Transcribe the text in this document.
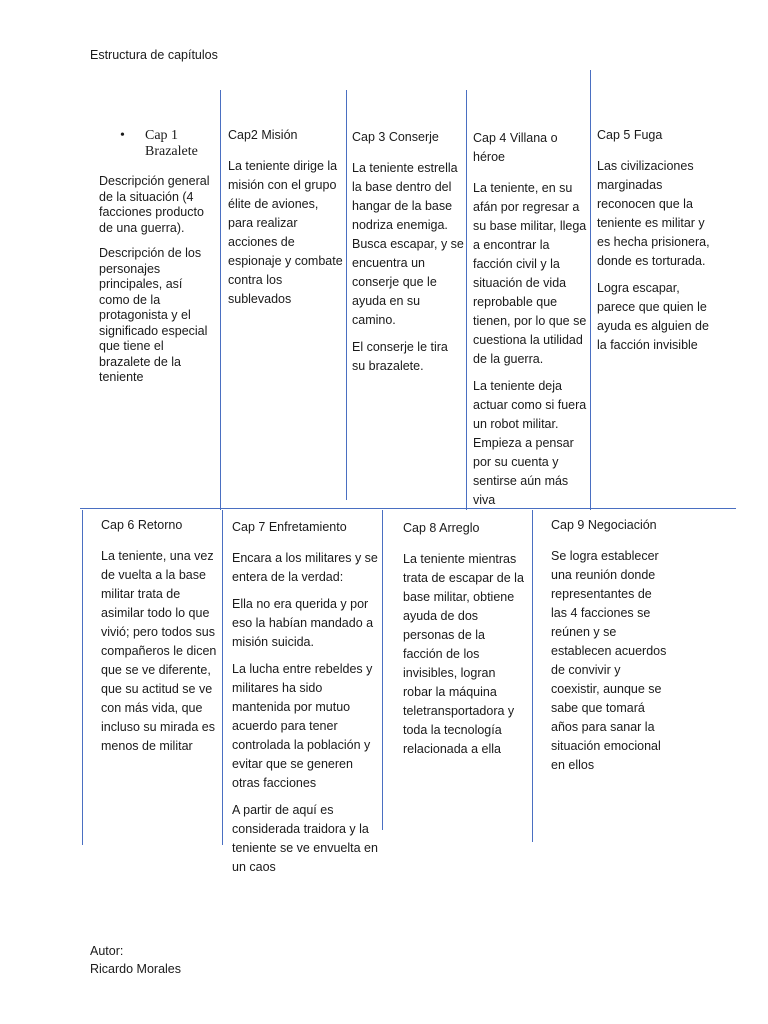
Estructura de capítulos
•	Cap 1
Brazalete

Descripción general de la situación (4 facciones producto de una guerra).

Descripción de los personajes principales, así como de la protagonista y el significado especial que tiene el brazalete de la teniente

Cap2 Misión

La teniente dirige la misión con el grupo élite de aviones, para realizar acciones de espionaje y combate contra los sublevados

Cap 3 Conserje

La teniente estrella la base dentro del hangar de la base nodriza enemiga. Busca escapar, y se encuentra un conserje que le ayuda en su camino.

El conserje le tira su brazalete.

Cap 4 Villana o héroe

La teniente, en su afán por regresar a su base militar, llega a encontrar la facción civil y la situación de vida reprobable que tienen, por lo que se cuestiona la utilidad de la guerra.

La teniente deja actuar como si fuera un robot militar. Empieza a pensar por su cuenta y sentirse aún más viva

Cap 5 Fuga

Las civilizaciones marginadas reconocen que la teniente es militar y es hecha prisionera, donde es torturada.

Logra escapar, parece que quien le ayuda es alguien de la facción invisible

Cap 6 Retorno

La teniente, una vez de vuelta a la base militar trata de asimilar todo lo que vivió; pero todos sus compañeros le dicen que se ve diferente, que su actitud se ve con más vida, que incluso su mirada es menos de militar

Cap 7 Enfretamiento

Encara a los militares y se entera de la verdad:

Ella no era querida y por eso la habían mandado a misión suicida.

La lucha entre rebeldes y militares ha sido mantenida por mutuo acuerdo para tener controlada la población y evitar que se generen otras facciones

A partir de aquí es considerada traidora y la teniente se ve envuelta en un caos

Cap 8 Arreglo

La teniente mientras trata de escapar de la base militar, obtiene ayuda de dos personas de la facción de los invisibles, logran robar la máquina teletransportadora y toda la tecnología relacionada a ella

Cap 9 Negociación

Se logra establecer una reunión donde representantes de las 4 facciones se reúnen y se establecen acuerdos de convivir y coexistir, aunque se sabe que tomará años para sanar la situación emocional en ellos

Autor:
Ricardo Morales
